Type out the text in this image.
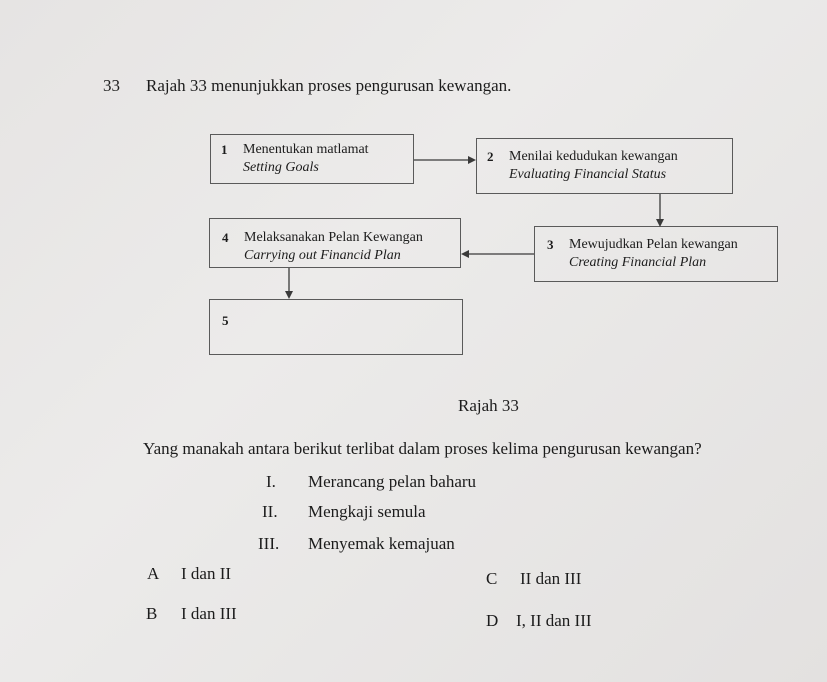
33 Rajah 33 menunjukkan proses pengurusan kewangan.
1 Menentukan matlamat
Setting Goals
2 Menilai kedudukan kewangan
Evaluating Financial Status
3 Mewujudkan Pelan kewangan
Creating Financial Plan
4 Melaksanakan Pelan Kewangan
Carrying out Financid Plan
5
Rajah 33
Yang manakah antara berikut terlibat dalam proses kelima pengurusan kewangan?
I. Merancang pelan baharu
II. Mengkaji semula
III. Menyemak kemajuan
A I dan II
B I dan III
C II dan III
D I, II dan III
